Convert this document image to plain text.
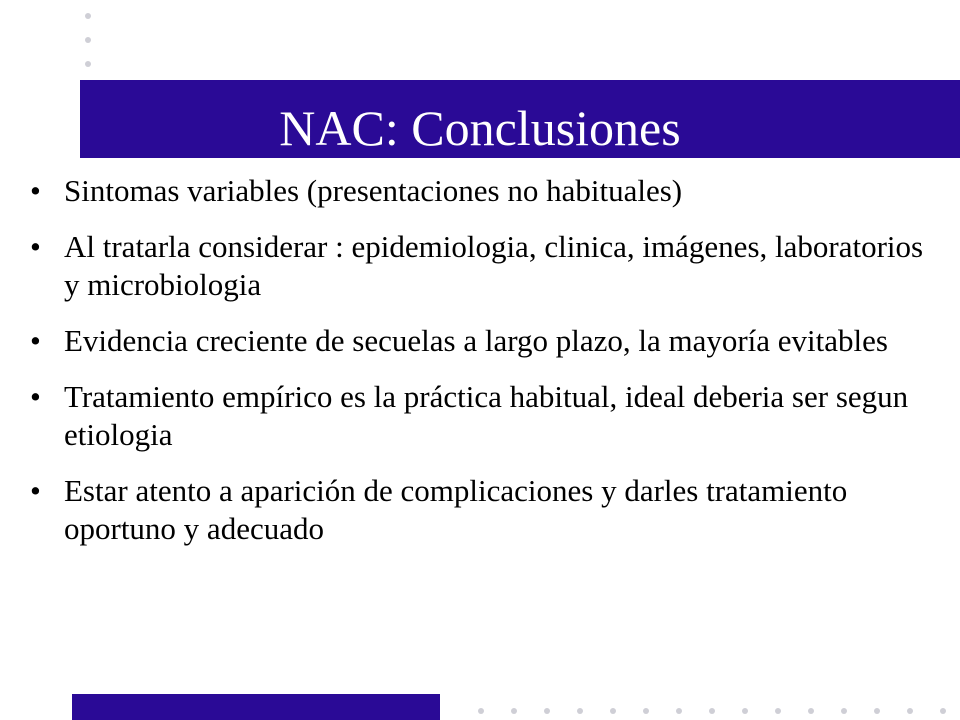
NAC: Conclusiones
• Sintomas variables (presentaciones no habituales)
• Al tratarla considerar : epidemiologia, clinica, imágenes, laboratorios y microbiologia
• Evidencia creciente de secuelas a largo plazo, la mayoría evitables
• Tratamiento empírico es la práctica habitual, ideal deberia ser segun etiologia
• Estar atento a aparición de complicaciones y darles tratamiento oportuno y adecuado
